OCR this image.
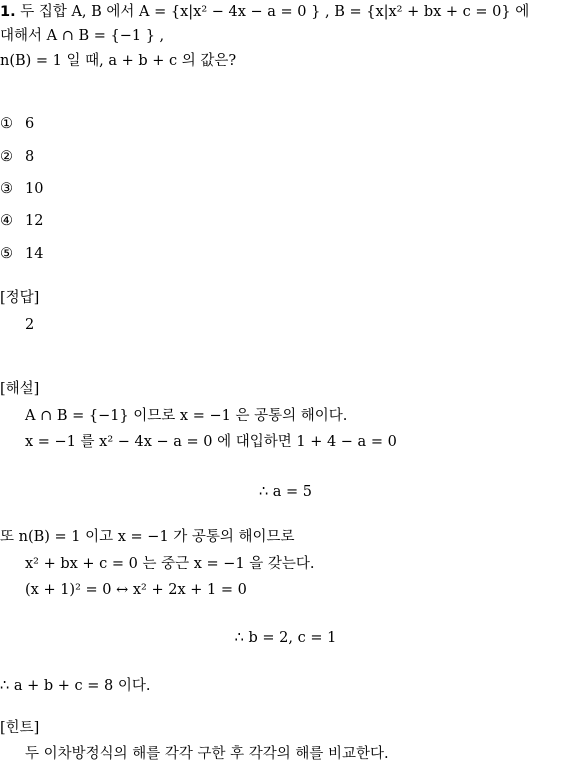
1. 두 집합 A, B 에서 A = {x|x² − 4x − a = 0 } , B = {x|x² + bx + c = 0} 에
대해서 A ∩ B = {−1 } ,
n(B) = 1 일 때, a + b + c 의 값은?
① 6
② 8
③ 10
④ 12
⑤ 14
[정답]
2
[해설]
A ∩ B = {−1} 이므로 x = −1 은 공통의 해이다.
x = −1 를 x² − 4x − a = 0 에 대입하면 1 + 4 − a = 0
∴ a = 5
또 n(B) = 1 이고 x = −1 가 공통의 해이므로
x² + bx + c = 0 는 중근 x = −1 을 갖는다.
(x + 1)² = 0 ↔ x² + 2x + 1 = 0
∴ b = 2, c = 1
∴ a + b + c = 8 이다.
[힌트]
두 이차방정식의 해를 각각 구한 후 각각의 해를 비교한다.
